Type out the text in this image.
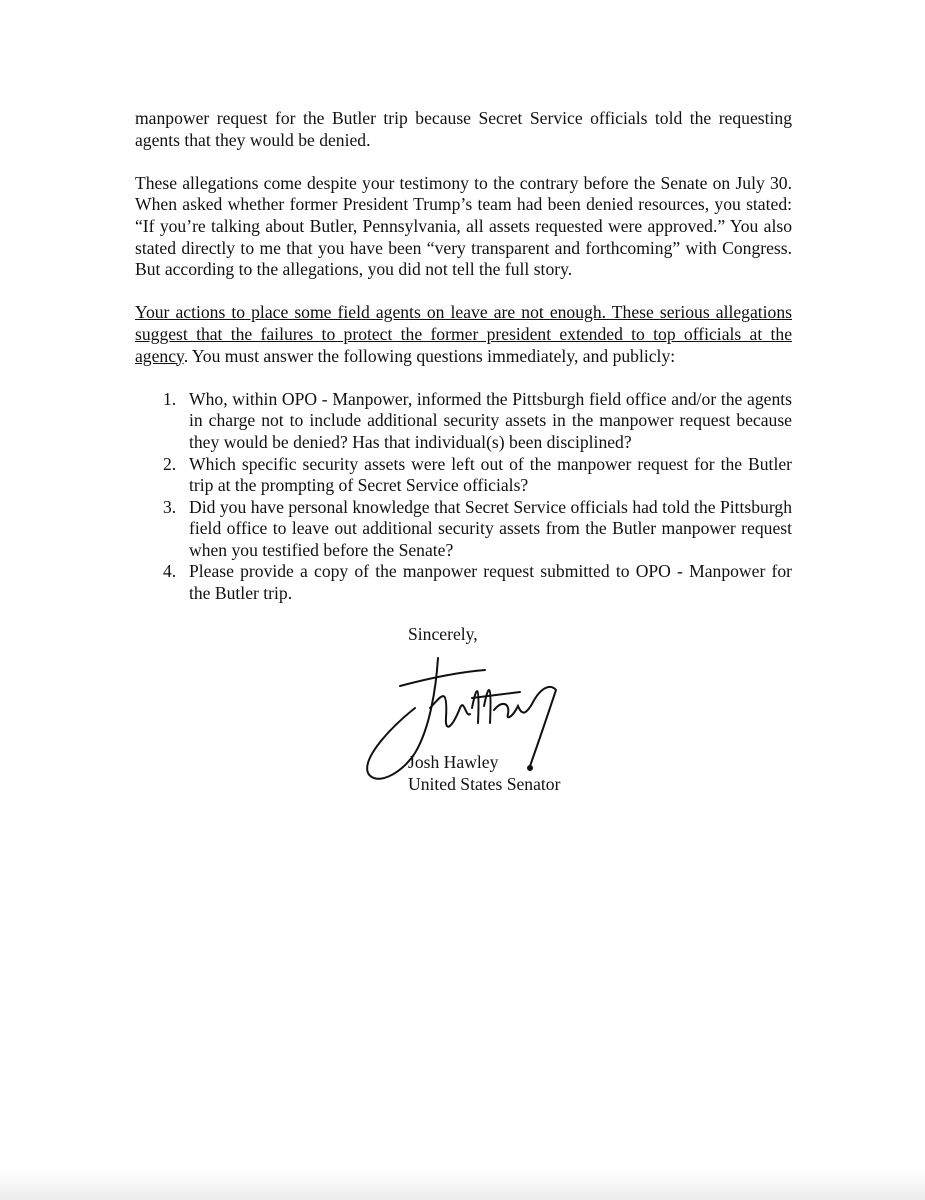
manpower request for the Butler trip because Secret Service officials told the requesting agents that they would be denied.

These allegations come despite your testimony to the contrary before the Senate on July 30. When asked whether former President Trump’s team had been denied resources, you stated: “If you’re talking about Butler, Pennsylvania, all assets requested were approved.” You also stated directly to me that you have been “very transparent and forthcoming” with Congress. But according to the allegations, you did not tell the full story.

Your actions to place some field agents on leave are not enough. These serious allegations suggest that the failures to protect the former president extended to top officials at the agency. You must answer the following questions immediately, and publicly:

1. Who, within OPO - Manpower, informed the Pittsburgh field office and/or the agents in charge not to include additional security assets in the manpower request because they would be denied? Has that individual(s) been disciplined?
2. Which specific security assets were left out of the manpower request for the Butler trip at the prompting of Secret Service officials?
3. Did you have personal knowledge that Secret Service officials had told the Pittsburgh field office to leave out additional security assets from the Butler manpower request when you testified before the Senate?
4. Please provide a copy of the manpower request submitted to OPO - Manpower for the Butler trip.
Sincerely,
Josh Hawley
United States Senator
